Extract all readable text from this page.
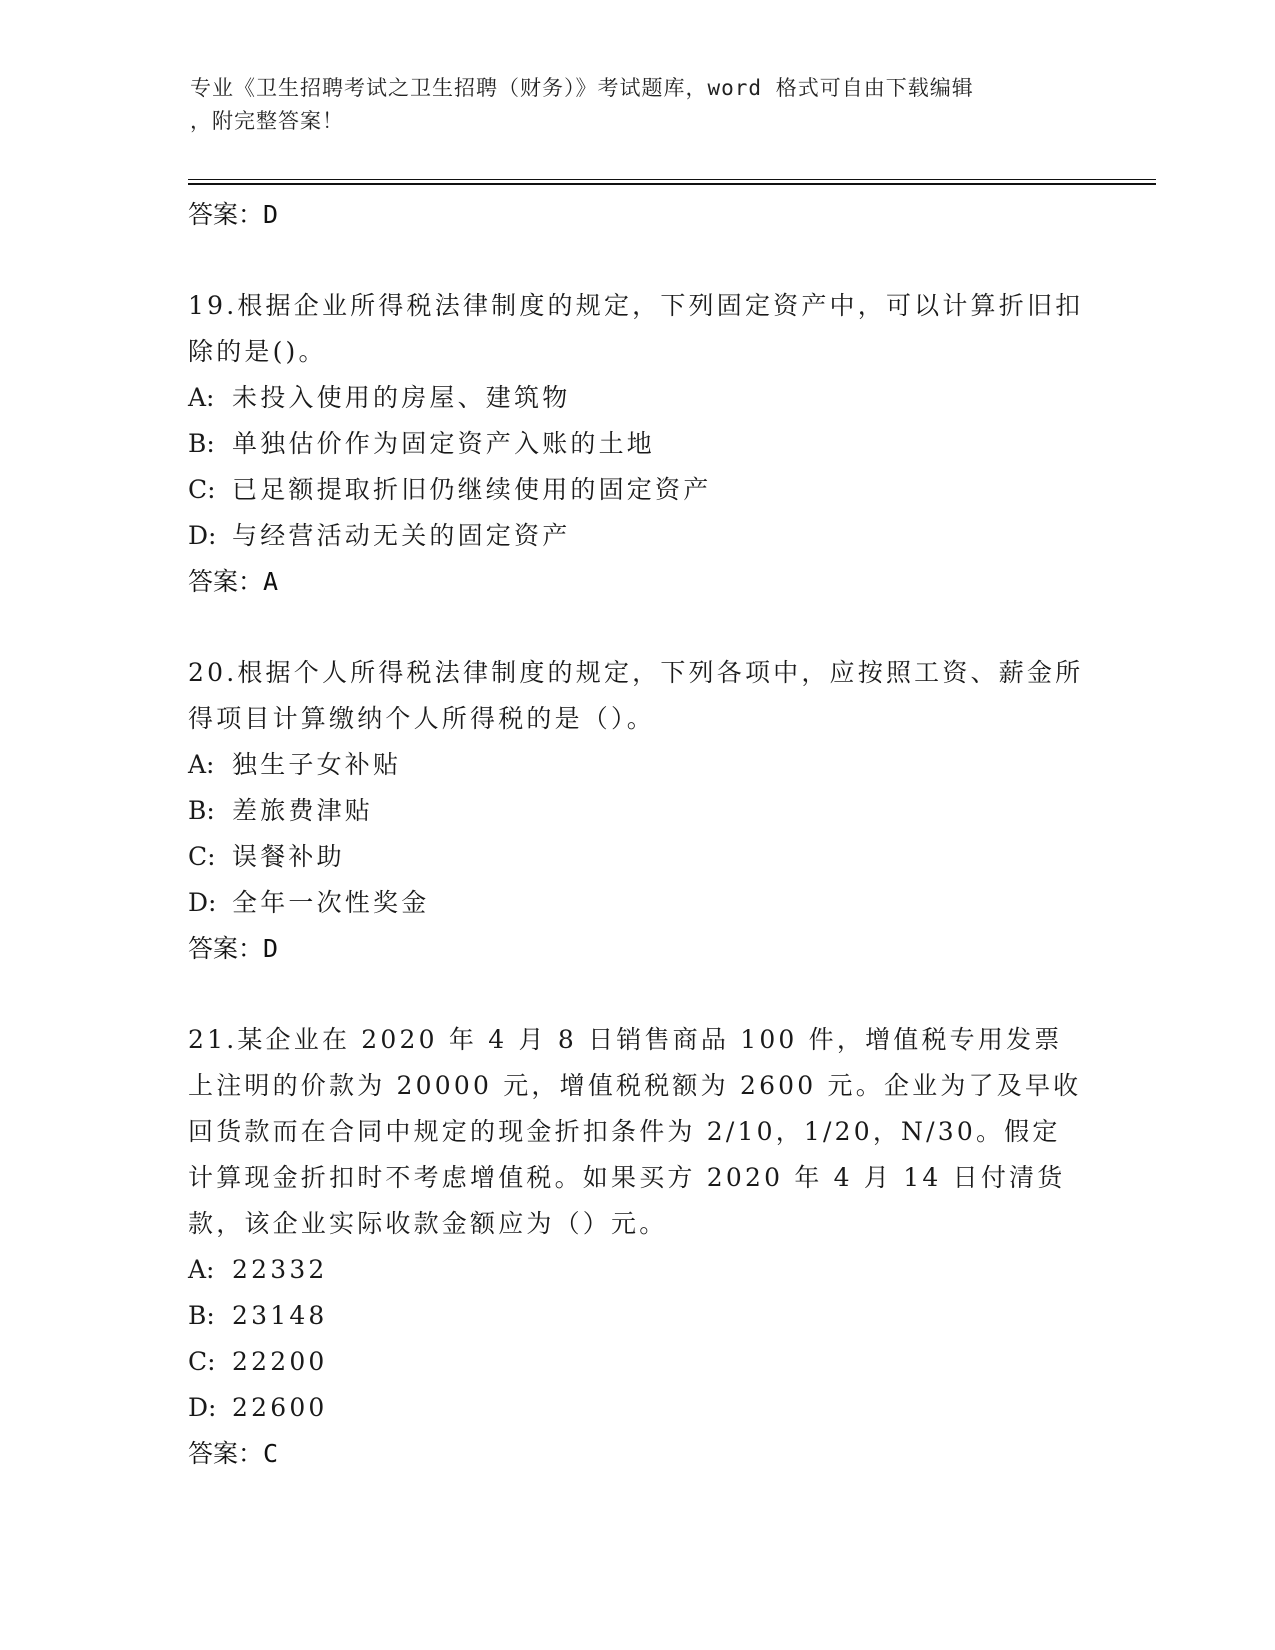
专业《卫生招聘考试之卫生招聘（财务）》考试题库，word 格式可自由下载编辑
，附完整答案！
答案：D
19.根据企业所得税法律制度的规定，下列固定资产中，可以计算折旧扣除的是()。
A: 未投入使用的房屋、建筑物
B: 单独估价作为固定资产入账的土地
C: 已足额提取折旧仍继续使用的固定资产
D: 与经营活动无关的固定资产
答案：A
20.根据个人所得税法律制度的规定，下列各项中，应按照工资、薪金所得项目计算缴纳个人所得税的是（）。
A: 独生子女补贴
B: 差旅费津贴
C: 误餐补助
D: 全年一次性奖金
答案：D
21.某企业在 2020 年 4 月 8 日销售商品 100 件，增值税专用发票上注明的价款为 20000 元，增值税税额为 2600 元。企业为了及早收回货款而在合同中规定的现金折扣条件为 2/10，1/20，N/30。假定计算现金折扣时不考虑增值税。如果买方 2020 年 4 月 14 日付清货款，该企业实际收款金额应为（）元。
A: 22332
B: 23148
C: 22200
D: 22600
答案：C
